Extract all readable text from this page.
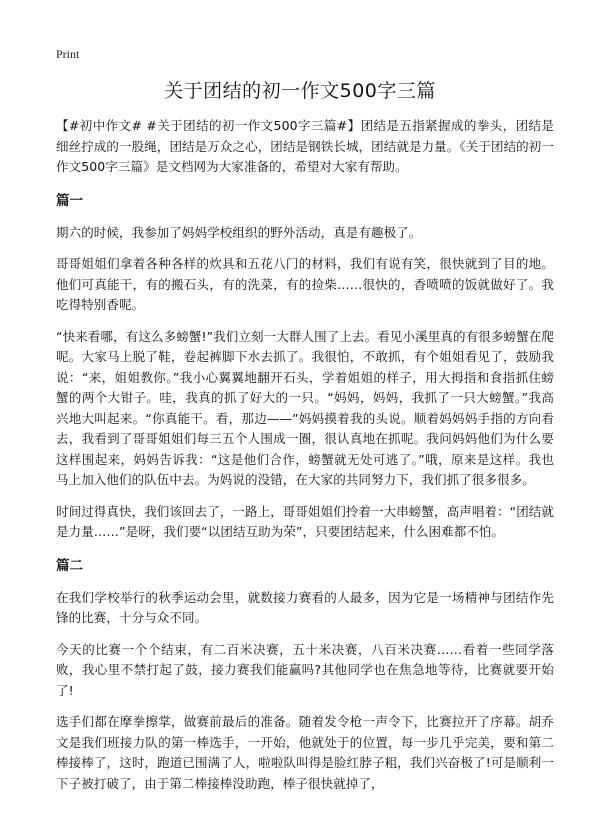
Print
关于团结的初一作文500字三篇

【#初中作文# #关于团结的初一作文500字三篇#】团结是五指紧握成的拳头，团结是细丝拧成的一股绳，团结是万众之心，团结是钢铁长城，团结就是力量。《关于团结的初一作文500字三篇》是文档网为大家准备的，希望对大家有帮助。

篇一

期六的时候，我参加了妈妈学校组织的野外活动，真是有趣极了。

哥哥姐姐们拿着各种各样的炊具和五花八门的材料，我们有说有笑，很快就到了目的地。他们可真能干，有的搬石头，有的洗菜，有的捡柴……很快的，香喷喷的饭就做好了。我吃得特别香呢。

“快来看哪，有这么多螃蟹!”我们立刻一大群人围了上去。看见小溪里真的有很多螃蟹在爬呢。大家马上脱了鞋，卷起裤脚下水去抓了。我很怕，不敢抓，有个姐姐看见了，鼓励我说：“来，姐姐教你。”我小心翼翼地翻开石头，学着姐姐的样子，用大拇指和食指抓住螃蟹的两个大钳子。哇，我真的抓了好大的一只。“妈妈，妈妈，我抓了一只大螃蟹。”我高兴地大叫起来。“你真能干。看，那边——”妈妈摸着我的头说。顺着妈妈妈手指的方向看去，我看到了哥哥姐姐们每三五个人围成一圈，很认真地在抓呢。我问妈妈他们为什么要这样围起来，妈妈告诉我：“这是他们合作，螃蟹就无处可逃了。”哦，原来是这样。我也马上加入他们的队伍中去。为妈说的没错，在大家的共同努力下，我们抓了很多很多。

时间过得真快，我们该回去了，一路上，哥哥姐姐们拎着一大串螃蟹，高声唱着：“团结就是力量……”是呀，我们要“以团结互助为荣”，只要团结起来，什么困难都不怕。

篇二

在我们学校举行的秋季运动会里，就数接力赛看的人最多，因为它是一场精神与团结作先锋的比赛，十分与众不同。

今天的比赛一个个结束，有二百米决赛，五十米决赛，八百米决赛……看着一些同学落败，我心里不禁打起了鼓，接力赛我们能赢吗?其他同学也在焦急地等待，比赛就要开始了!

选手们都在摩拳擦掌，做赛前最后的准备。随着发令枪一声令下，比赛拉开了序幕。胡乔文是我们班接力队的第一棒选手，一开始，他就处于的位置，每一步几乎完美，要和第二棒接棒了，这时，跑道已围满了人，啦啦队叫得是脸红脖子粗，我们兴奋极了!可是顺利一下子被打破了，由于第二棒接棒没助跑，棒子很快就掉了，
